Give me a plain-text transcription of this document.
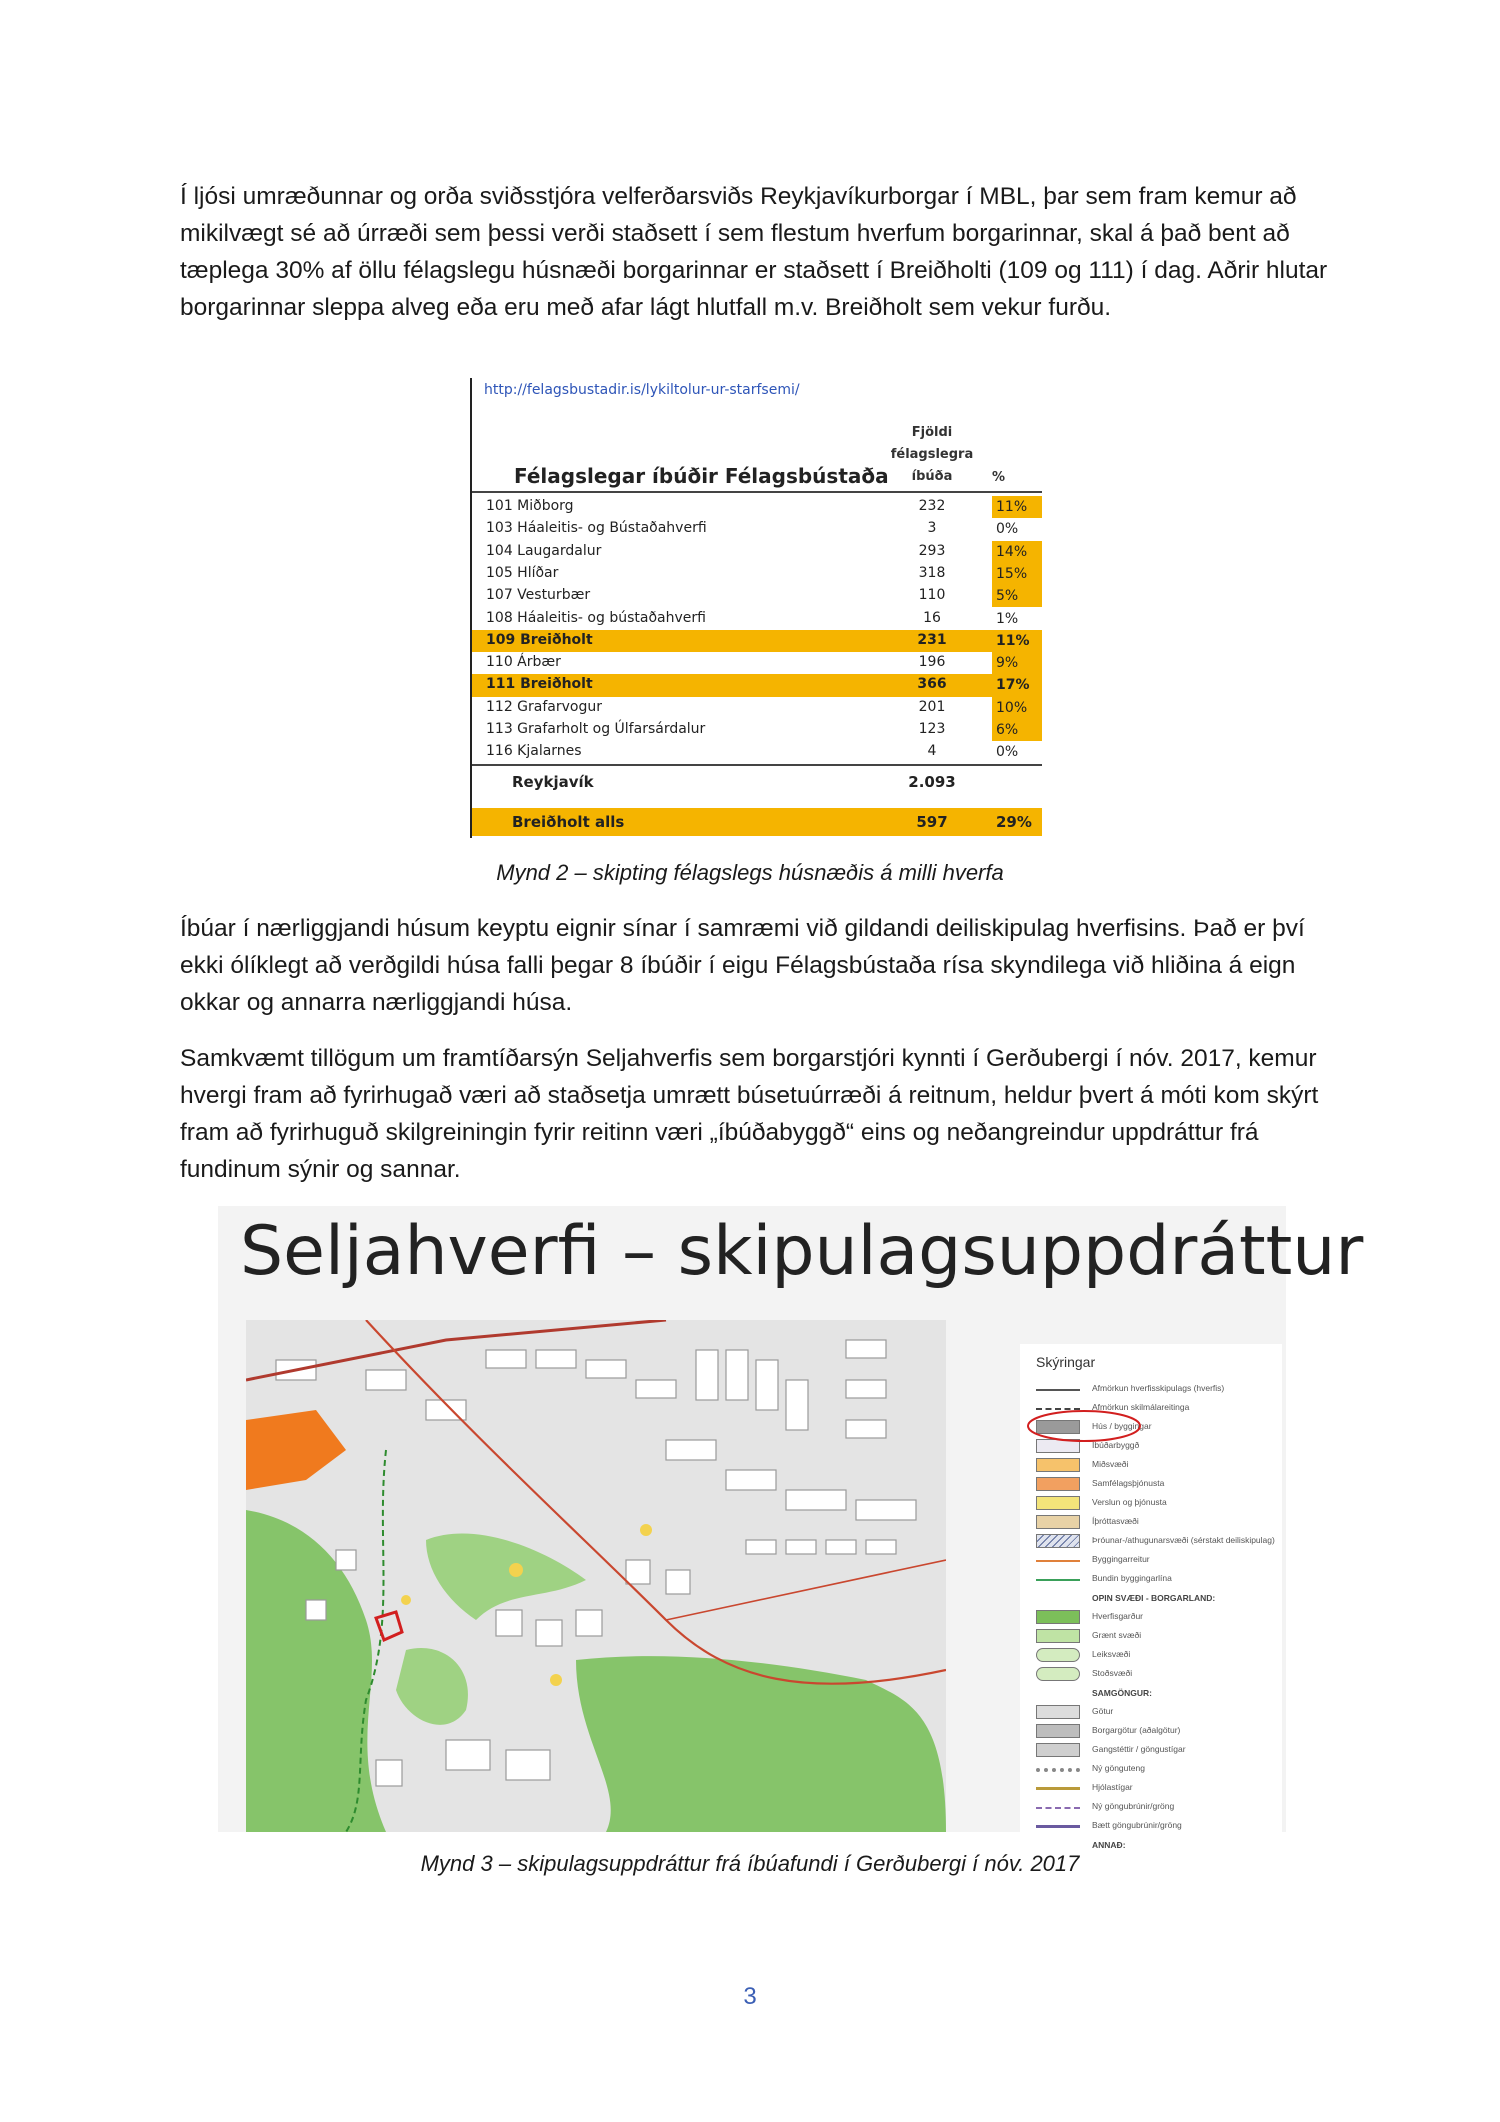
Í ljósi umræðunnar og orða sviðsstjóra velferðarsviðs Reykjavíkurborgar í MBL, þar sem fram kemur að mikilvægt sé að úrræði sem þessi verði staðsett í sem flestum hverfum borgarinnar, skal á það bent að tæplega 30% af öllu félagslegu húsnæði borgarinnar er staðsett í Breiðholti (109 og 111) í dag. Aðrir hlutar borgarinnar sleppa alveg eða eru með afar lágt hlutfall m.v. Breiðholt sem vekur furðu.

http://felagsbustadir.is/lykiltolur-ur-starfsemi/
Fjöldi
félagslegra
íbúða
Félagslegar íbúðir Félagsbústaða	%
101 Miðborg	232	11%
103 Háaleitis- og Bústaðahverfi	3	0%
104 Laugardalur	293	14%
105 Hlíðar	318	15%
107 Vesturbær	110	5%
108 Háaleitis- og bústaðahverfi	16	1%
109 Breiðholt	231	11%
110 Árbær	196	9%
111 Breiðholt	366	17%
112 Grafarvogur	201	10%
113 Grafarholt og Úlfarsárdalur	123	6%
116 Kjalarnes	4	0%
Reykjavík	2.093
Breiðholt alls	597	29%

Mynd 2 – skipting félagslegs húsnæðis á milli hverfa

Íbúar í nærliggjandi húsum keyptu eignir sínar í samræmi við gildandi deiliskipulag hverfisins. Það er því ekki ólíklegt að verðgildi húsa falli þegar 8 íbúðir í eigu Félagsbústaða rísa skyndilega við hliðina á eign okkar og annarra nærliggjandi húsa.

Samkvæmt tillögum um framtíðarsýn Seljahverfis sem borgarstjóri kynnti í Gerðubergi í nóv. 2017, kemur hvergi fram að fyrirhugað væri að staðsetja umrætt búsetuúrræði á reitnum, heldur þvert á móti kom skýrt fram að fyrirhuguð skilgreiningin fyrir reitinn væri „íbúðabyggð“ eins og neðangreindur uppdráttur frá fundinum sýnir og sannar.

Seljahverfi – skipulagsuppdráttur
Skýringar
Afmörkun hverfisskipulags (hverfis)
Afmörkun skilmálareitinga
Hús / byggingar
Íbúðarbyggð
Miðsvæði
Samfélagsþjónusta
Verslun og þjónusta
Íþróttasvæði
Þróunar-/athugunarsvæði (sérstakt deiliskipulag)
Byggingarreitur
Bundin byggingarlína
OPIN SVÆÐI - BORGARLAND:
Hverfisgarður
Grænt svæði
Leiksvæði
Stoðsvæði
SAMGÖNGUR:
Götur
Borgargötur (aðalgötur)
Gangstéttir / göngustígar
Ný gönguteng
Hjólastígar
Ný göngubrúnir/gröng
Bætt göngubrúnir/gröng
ANNAÐ:

Mynd 3 – skipulagsuppdráttur frá íbúafundi í Gerðubergi í nóv. 2017

3
